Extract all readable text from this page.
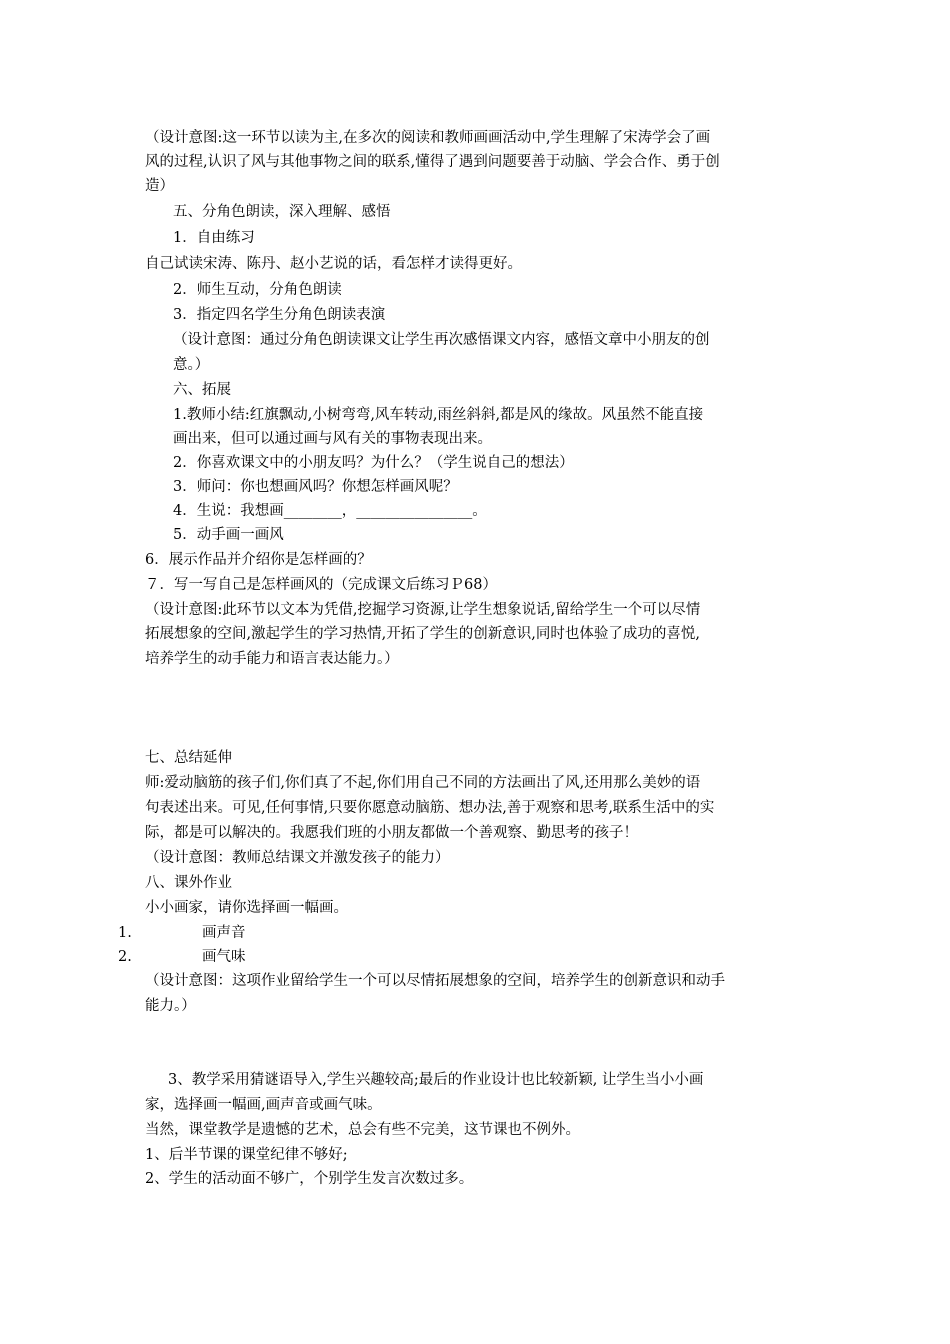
（设计意图:这一环节以读为主,在多次的阅读和教师画画活动中,学生理解了宋涛学会了画
风的过程,认识了风与其他事物之间的联系,懂得了遇到问题要善于动脑、学会合作、勇于创
造）
五、分角色朗读，深入理解、感悟
1．自由练习
自己试读宋涛、陈丹、赵小艺说的话，看怎样才读得更好。
2．师生互动，分角色朗读
3．指定四名学生分角色朗读表演
（设计意图：通过分角色朗读课文让学生再次感悟课文内容，感悟文章中小朋友的创
意。）
六、拓展
1.教师小结:红旗飘动,小树弯弯,风车转动,雨丝斜斜,都是风的缘故。风虽然不能直接
画出来，但可以通过画与风有关的事物表现出来。
2．你喜欢课文中的小朋友吗？为什么？（学生说自己的想法）
3．师问：你也想画风吗？你想怎样画风呢？
4．生说：我想画________，________________。
5．动手画一画风
6．展示作品并介绍你是怎样画的？
７．写一写自己是怎样画风的（完成课文后练习Ｐ68）
（设计意图:此环节以文本为凭借,挖掘学习资源,让学生想象说话,留给学生一个可以尽情
拓展想象的空间,激起学生的学习热情,开拓了学生的创新意识,同时也体验了成功的喜悦,
培养学生的动手能力和语言表达能力。）
七、总结延伸
师:爱动脑筋的孩子们,你们真了不起,你们用自己不同的方法画出了风,还用那么美妙的语
句表述出来。可见,任何事情,只要你愿意动脑筋、想办法,善于观察和思考,联系生活中的实
际，都是可以解决的。我愿我们班的小朋友都做一个善观察、勤思考的孩子！
（设计意图：教师总结课文并激发孩子的能力）
八、课外作业
小小画家，请你选择画一幅画。
1.	画声音
2.	画气味
（设计意图：这项作业留给学生一个可以尽情拓展想象的空间，培养学生的创新意识和动手
能力。）
3、教学采用猜谜语导入,学生兴趣较高;最后的作业设计也比较新颖, 让学生当小小画
家，选择画一幅画,画声音或画气味。
当然，课堂教学是遗憾的艺术，总会有些不完美，这节课也不例外。
1、后半节课的课堂纪律不够好;
2、学生的活动面不够广，个别学生发言次数过多。
